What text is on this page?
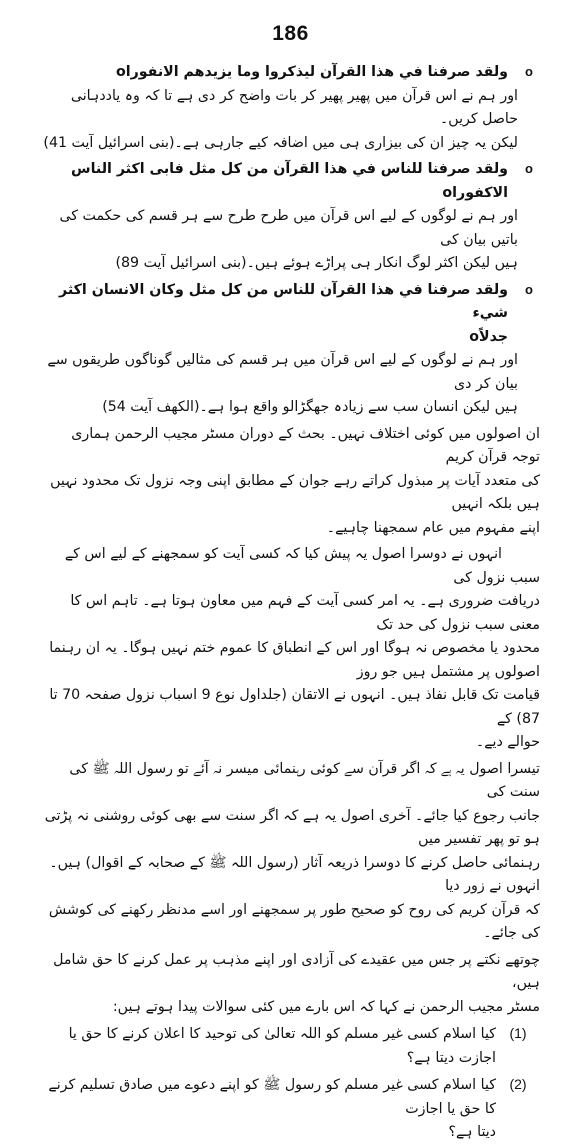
186
o
ولقد صرفنا في هذا القرآن ليذكروا وما يزيدهم الانفوراo
اور ہم نے اس قرآن میں پھیر پھیر کر بات واضح کر دی ہے تا کہ وہ یاددہانی حاصل کریں۔
لیکن یہ چیز ان کی بیزاری ہی میں اضافہ کیے جارہی ہے۔(بنی اسرائیل آیت 41)
o
ولقد صرفنا للناس في هذا القرآن من كل مثل فابى اكثر الناس الاكفوراo
اور ہم نے لوگوں کے لیے اس قرآن میں طرح طرح سے ہر قسم کی حکمت کی باتیں بیان کی
ہیں لیکن اکثر لوگ انکار ہی پراڑے ہوئے ہیں۔(بنی اسرائیل آیت 89)
o
ولقد صرفنا في هذا القرآن للناس من كل مثل وكان الانسان اكثر شيء
جدلاًo
اور ہم نے لوگوں کے لیے اس قرآن میں ہر قسم کی مثالیں گوناگوں طریقوں سے بیان کر دی
ہیں لیکن انسان سب سے زیادہ جھگڑالو واقع ہوا ہے۔(الکھف آیت 54)
ان اصولوں میں کوئی اختلاف نہیں۔ بحث کے دوران مسٹر مجیب الرحمن ہماری توجہ قرآن کریم
کی متعدد آیات پر مبذول کراتے رہے جوان کے مطابق اپنی وجہ نزول تک محدود نہیں ہیں بلکہ انہیں
اپنے مفہوم میں عام سمجھنا چاہیے۔
انہوں نے دوسرا اصول یہ پیش کیا کہ کسی آیت کو سمجھنے کے لیے اس کے سبب نزول کی
دریافت ضروری ہے۔ یہ امر کسی آیت کے فہم میں معاون ہوتا ہے۔ تاہم اس کا معنی سبب نزول کی حد تک
محدود یا مخصوص نہ ہوگا اور اس کے انطباق کا عموم ختم نہیں ہوگا۔ یہ ان رہنما اصولوں پر مشتمل ہیں جو روز
قیامت تک قابل نفاذ ہیں۔ انہوں نے الاتقان (جلداول نوع 9 اسباب نزول صفحہ 70 تا 87) کے
حوالے دیے۔
تیسرا اصول یہ ہے کہ اگر قرآن سے کوئی رہنمائی میسر نہ آئے تو رسول اللہ ﷺ کی سنت کی
جانب رجوع کیا جائے۔ آخری اصول یہ ہے کہ اگر سنت سے بھی کوئی روشنی نہ پڑتی ہو تو پھر تفسیر میں
رہنمائی حاصل کرنے کا دوسرا ذریعہ آثار (رسول اللہ ﷺ کے صحابہ کے اقوال) ہیں۔ انہوں نے زور دیا
کہ قرآن کریم کی روح کو صحیح طور پر سمجھنے اور اسے مدنظر رکھنے کی کوشش کی جائے۔
چوتھے نکتے پر جس میں عقیدے کی آزادی اور اپنے مذہب پر عمل کرنے کا حق شامل ہیں،
مسٹر مجیب الرحمن نے کہا کہ اس بارے میں کئی سوالات پیدا ہوتے ہیں:
(1)
کیا اسلام کسی غیر مسلم کو اللہ تعالیٰ کی توحید کا اعلان کرنے کا حق یا اجازت دیتا ہے؟
(2)
کیا اسلام کسی غیر مسلم کو رسول ﷺ کو اپنے دعوے میں صادق تسلیم کرنے کا حق یا اجازت
دیتا ہے؟
